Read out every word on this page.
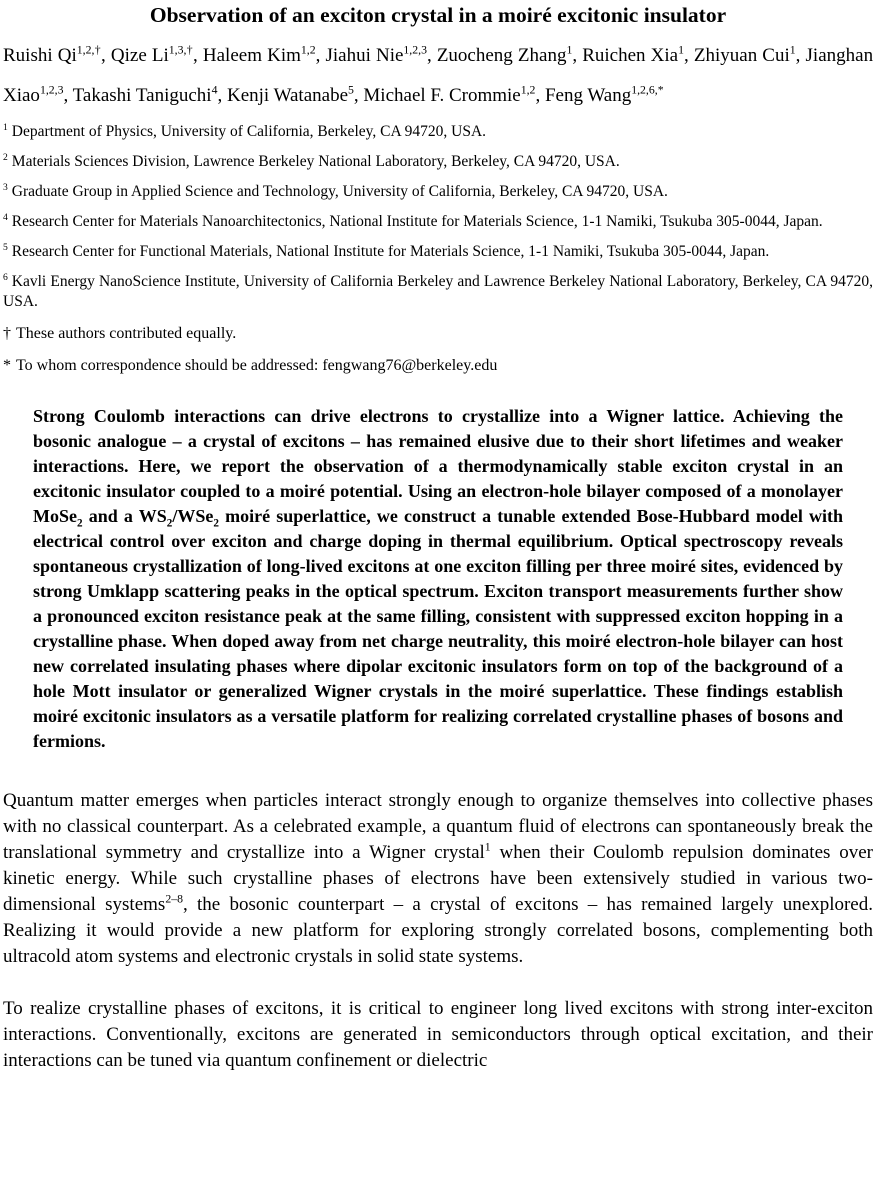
Observation of an exciton crystal in a moiré excitonic insulator
Ruishi $Qi^{1,2,\dagger}$, Qize $Li^{1,3,\dagger}$, Haleem Kim$^{1,2}$, Jiahui Nie$^{1,2,3}$, Zuocheng Zhang$^1$, Ruichen Xia$^1$, Zhiyuan Cui$^1$, Jianghan Xiao$^{1,2,3}$, Takashi Taniguchi$^4$, Kenji Watanabe$^5$, Michael F. Crommie$^{1,2}$, Feng Wang$^{1,2,6,*}$

$^1$ Department of Physics, University of California, Berkeley, CA 94720, USA.

$^2$ Materials Sciences Division, Lawrence Berkeley National Laboratory, Berkeley, CA 94720, USA.

$^3$ Graduate Group in Applied Science and Technology, University of California, Berkeley, CA 94720, USA.

$^4$ Research Center for Materials Nanoarchitectonics, National Institute for Materials Science, 1-1 Namiki, Tsukuba 305-0044, Japan.

$^5$ Research Center for Functional Materials, National Institute for Materials Science, 1-1 Namiki, Tsukuba 305-0044, Japan.

$^6$ Kavli Energy NanoScience Institute, University of California Berkeley and Lawrence Berkeley National Laboratory, Berkeley, CA 94720, USA.

† These authors contributed equally.

* To whom correspondence should be addressed: fengwang76@berkeley.edu

Strong Coulomb interactions can drive electrons to crystallize into a Wigner lattice. Achieving the bosonic analogue – a crystal of excitons – has remained elusive due to their short lifetimes and weaker interactions. Here, we report the observation of a thermodynamically stable exciton crystal in an excitonic insulator coupled to a moiré potential. Using an electron-hole bilayer composed of a monolayer MoSe$_2$ and a $WS_2/WSe_2$ moiré superlattice, we construct a tunable extended Bose-Hubbard model with electrical control over exciton and charge doping in thermal equilibrium. Optical spectroscopy reveals spontaneous crystallization of long-lived excitons at one exciton filling per three moiré sites, evidenced by strong Umklapp scattering peaks in the optical spectrum. Exciton transport measurements further show a pronounced exciton resistance peak at the same filling, consistent with suppressed exciton hopping in a crystalline phase. When doped away from net charge neutrality, this moiré electron-hole bilayer can host new correlated insulating phases where dipolar excitonic insulators form on top of the background of a hole Mott insulator or generalized Wigner crystals in the moiré superlattice. These findings establish moiré excitonic insulators as a versatile platform for realizing correlated crystalline phases of bosons and fermions.

Quantum matter emerges when particles interact strongly enough to organize themselves into collective phases with no classical counterpart. As a celebrated example, a quantum fluid of electrons can spontaneously break the translational symmetry and crystallize into a Wigner crystal$^1$ when their Coulomb repulsion dominates over kinetic energy. While such crystalline phases of electrons have been extensively studied in various two-dimensional systems$^{2-8}$, the bosonic counterpart – a crystal of excitons – has remained largely unexplored. Realizing it would provide a new platform for exploring strongly correlated bosons, complementing both ultracold atom systems and electronic crystals in solid state systems.

To realize crystalline phases of excitons, it is critical to engineer long lived excitons with strong inter-exciton interactions. Conventionally, excitons are generated in semiconductors through optical excitation, and their interactions can be tuned via quantum confinement or dielectric
